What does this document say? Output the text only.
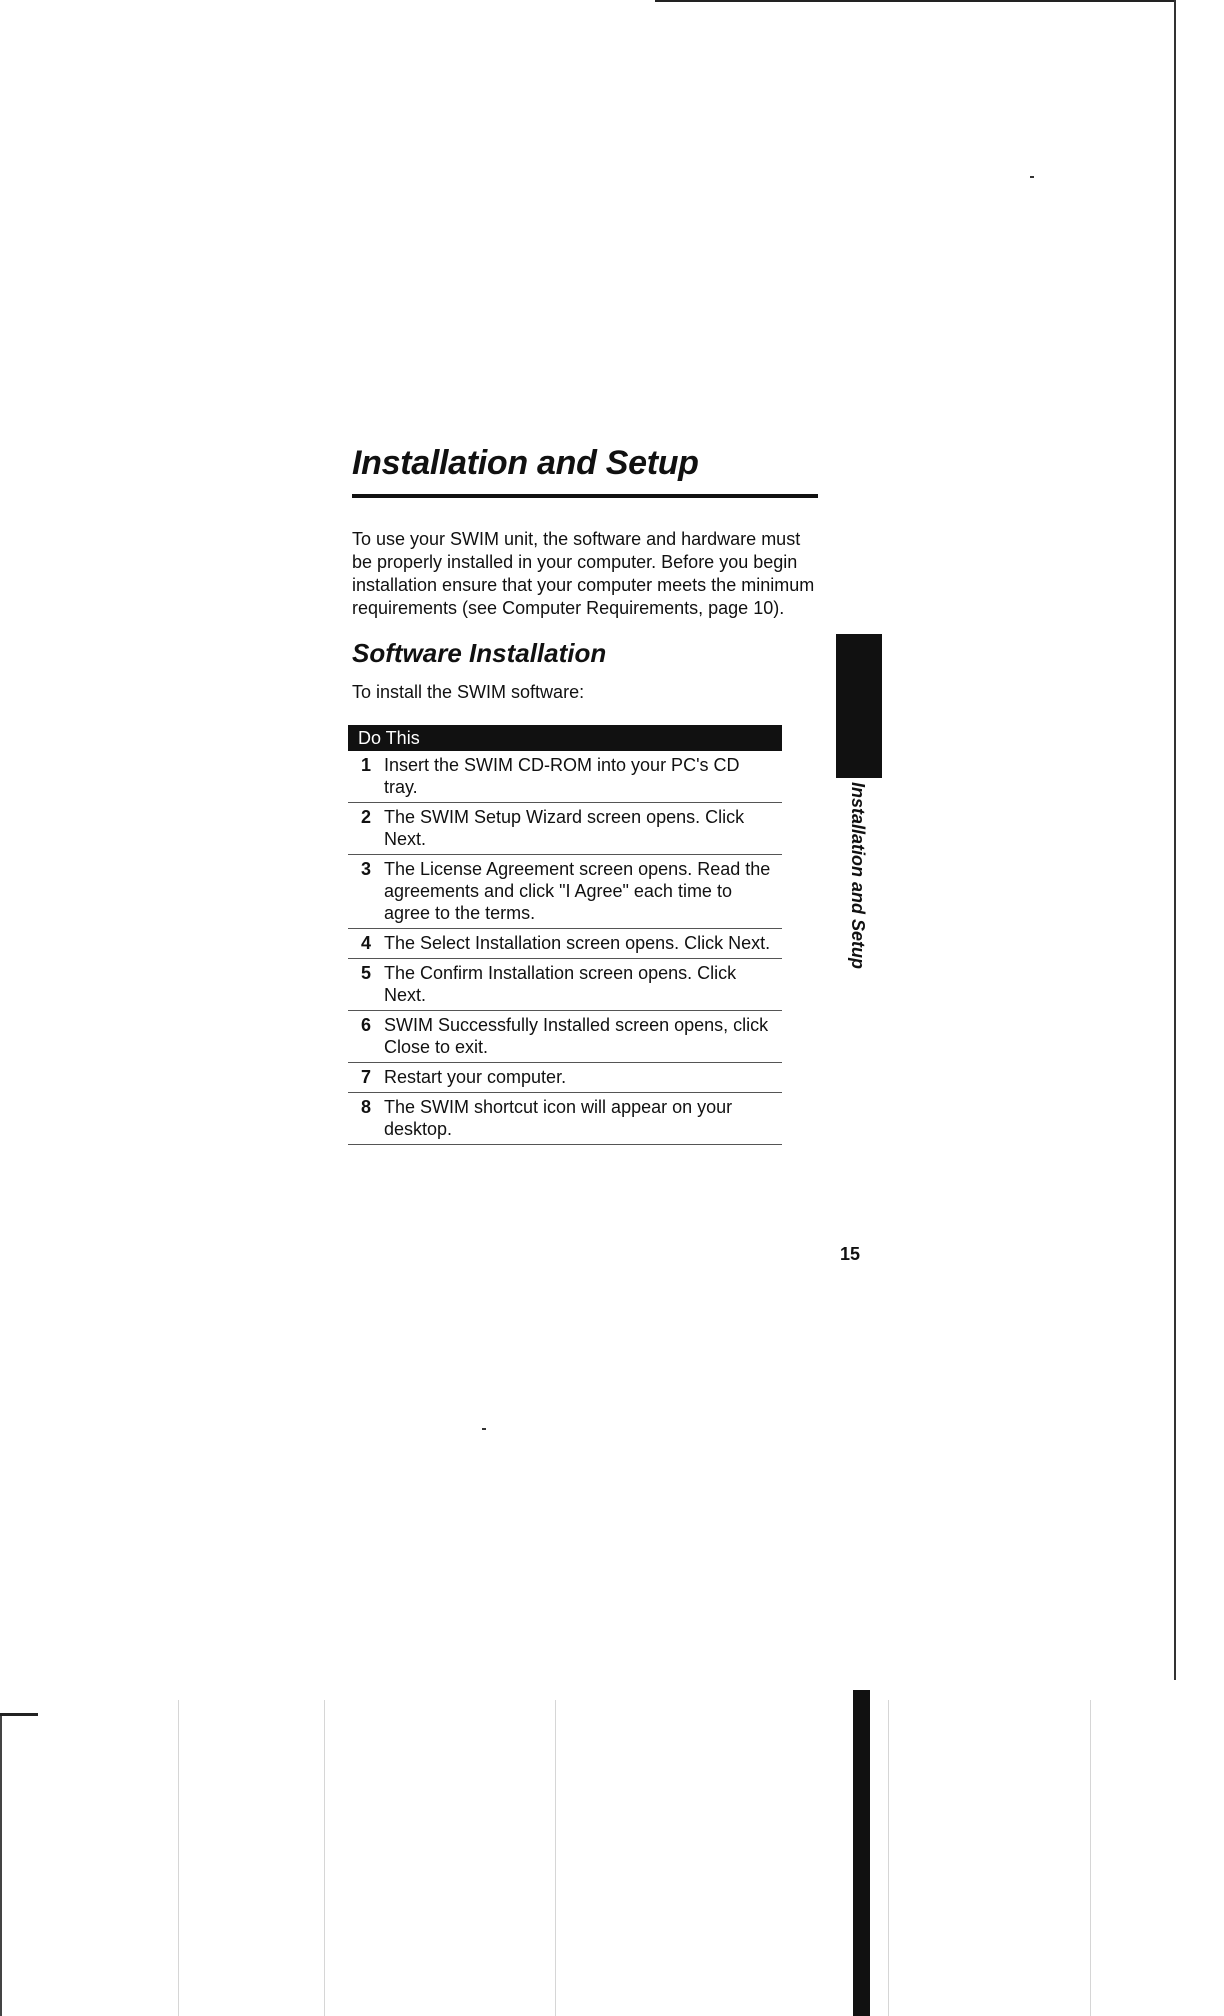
Installation and Setup

To use your SWIM unit, the software and hardware must be properly installed in your computer. Before you begin installation ensure that your computer meets the minimum requirements (see Computer Requirements, page 10).

Software Installation

To install the SWIM software:

Do This
1 Insert the SWIM CD-ROM into your PC's CD tray.
2 The SWIM Setup Wizard screen opens. Click Next.
3 The License Agreement screen opens. Read the agreements and click "I Agree" each time to agree to the terms.
4 The Select Installation screen opens. Click Next.
5 The Confirm Installation screen opens. Click Next.
6 SWIM Successfully Installed screen opens, click Close to exit.
7 Restart your computer.
8 The SWIM shortcut icon will appear on your desktop.
Installation and Setup
15
